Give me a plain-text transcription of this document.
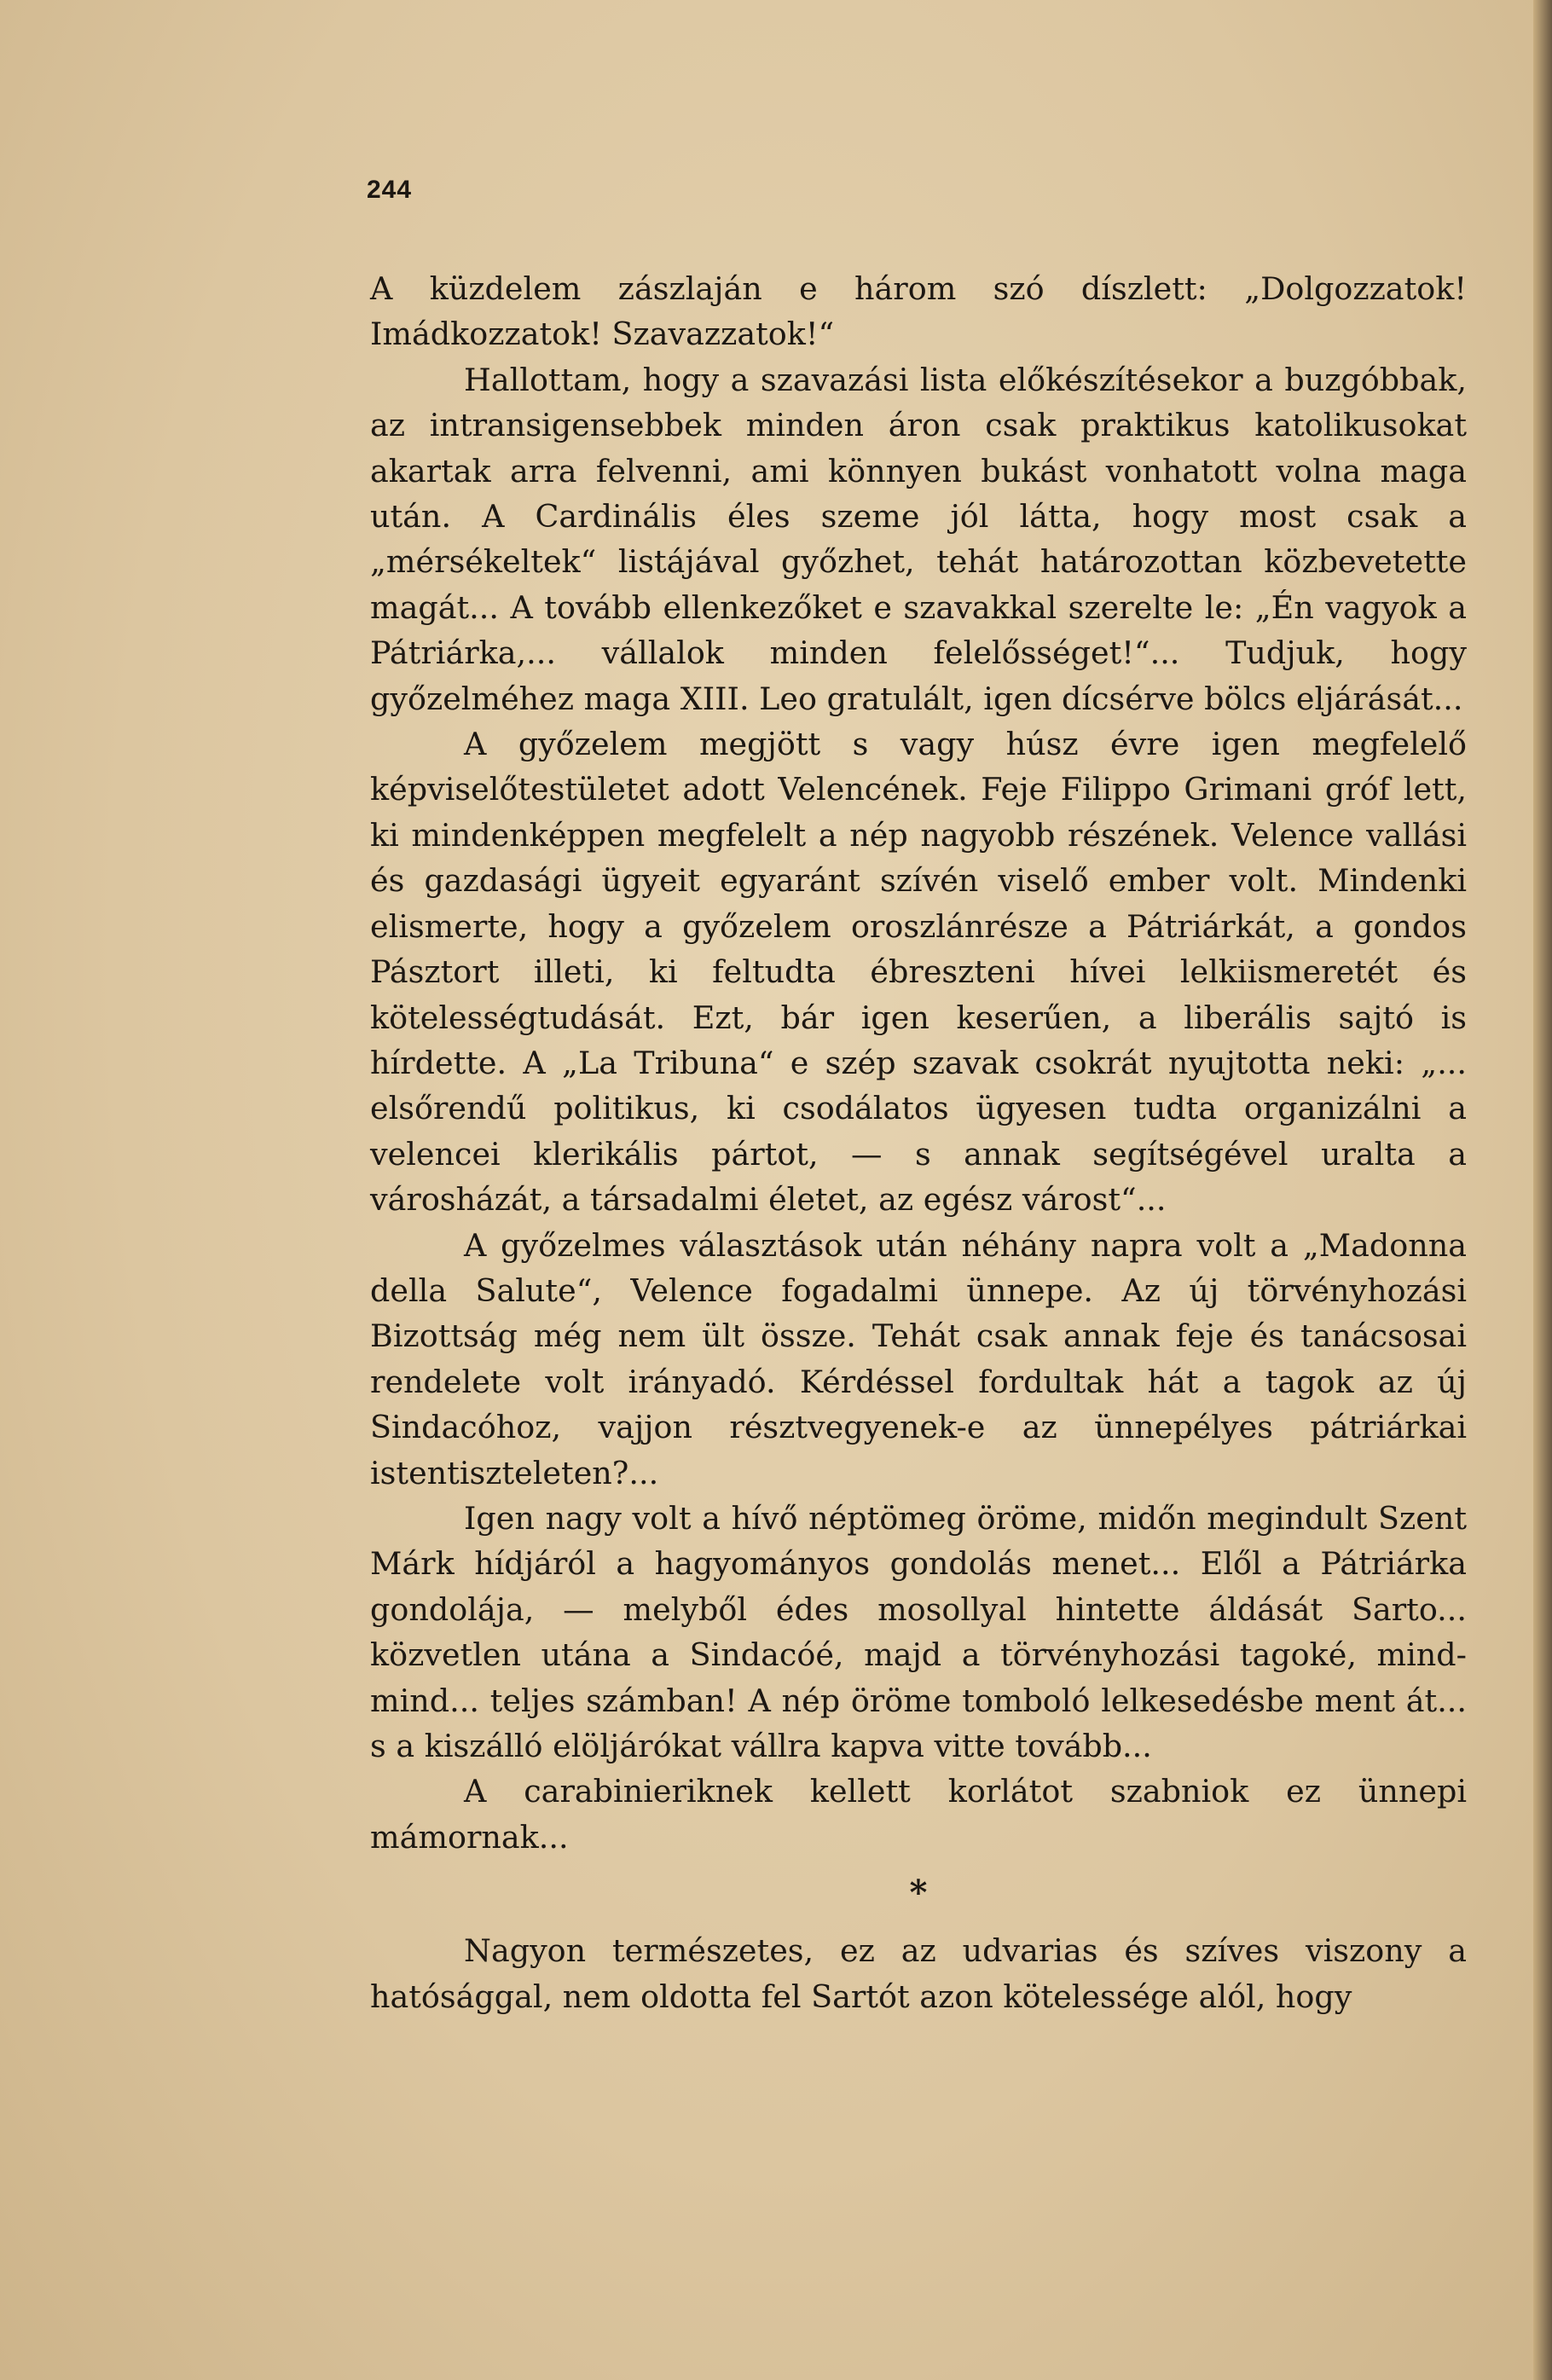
244

A küzdelem zászlaján e három szó díszlett: „Dolgozzatok! Imádkozzatok! Szavazzatok!“

Hallottam, hogy a szavazási lista előkészítésekor a buzgóbbak, az intransigensebbek minden áron csak praktikus katolikusokat akartak arra felvenni, ami könnyen bukást vonhatott volna maga után. A Cardinális éles szeme jól látta, hogy most csak a „mérsékeltek“ listájával győzhet, tehát határozottan közbevetette magát... A tovább ellenkezőket e szavakkal szerelte le: „Én vagyok a Pátriárka,... vállalok minden felelősséget!“... Tudjuk, hogy győzelméhez maga XIII. Leo gratulált, igen dícsérve bölcs eljárását...

A győzelem megjött s vagy húsz évre igen megfelelő képviselőtestületet adott Velencének. Feje Filippo Grimani gróf lett, ki mindenképpen megfelelt a nép nagyobb részének. Velence vallási és gazdasági ügyeit egyaránt szívén viselő ember volt. Mindenki elismerte, hogy a győzelem oroszlánrésze a Pátriárkát, a gondos Pásztort illeti, ki feltudta ébreszteni hívei lelkiismeretét és kötelességtudását. Ezt, bár igen keserűen, a liberális sajtó is hírdette. A „La Tribuna“ e szép szavak csokrát nyujtotta neki: „... elsőrendű politikus, ki csodálatos ügyesen tudta organizálni a velencei klerikális pártot, — s annak segítségével uralta a városházát, a társadalmi életet, az egész várost“...

A győzelmes választások után néhány napra volt a „Madonna della Salute“, Velence fogadalmi ünnepe. Az új törvényhozási Bizottság még nem ült össze. Tehát csak annak feje és tanácsosai rendelete volt irányadó. Kérdéssel fordultak hát a tagok az új Sindacóhoz, vajjon résztvegyenek-e az ünnepélyes pátriárkai istentiszteleten?...

Igen nagy volt a hívő néptömeg öröme, midőn megindult Szent Márk hídjáról a hagyományos gondolás menet... Elől a Pátriárka gondolája, — melyből édes mosollyal hintette áldását Sarto... közvetlen utána a Sindacóé, majd a törvényhozási tagoké, mind-mind... teljes számban! A nép öröme tomboló lelkesedésbe ment át... s a kiszálló elöljárókat vállra kapva vitte tovább...

A carabinieriknek kellett korlátot szabniok ez ünnepi mámornak...

*

Nagyon természetes, ez az udvarias és szíves viszony a hatósággal, nem oldotta fel Sartót azon kötelessége alól, hogy
